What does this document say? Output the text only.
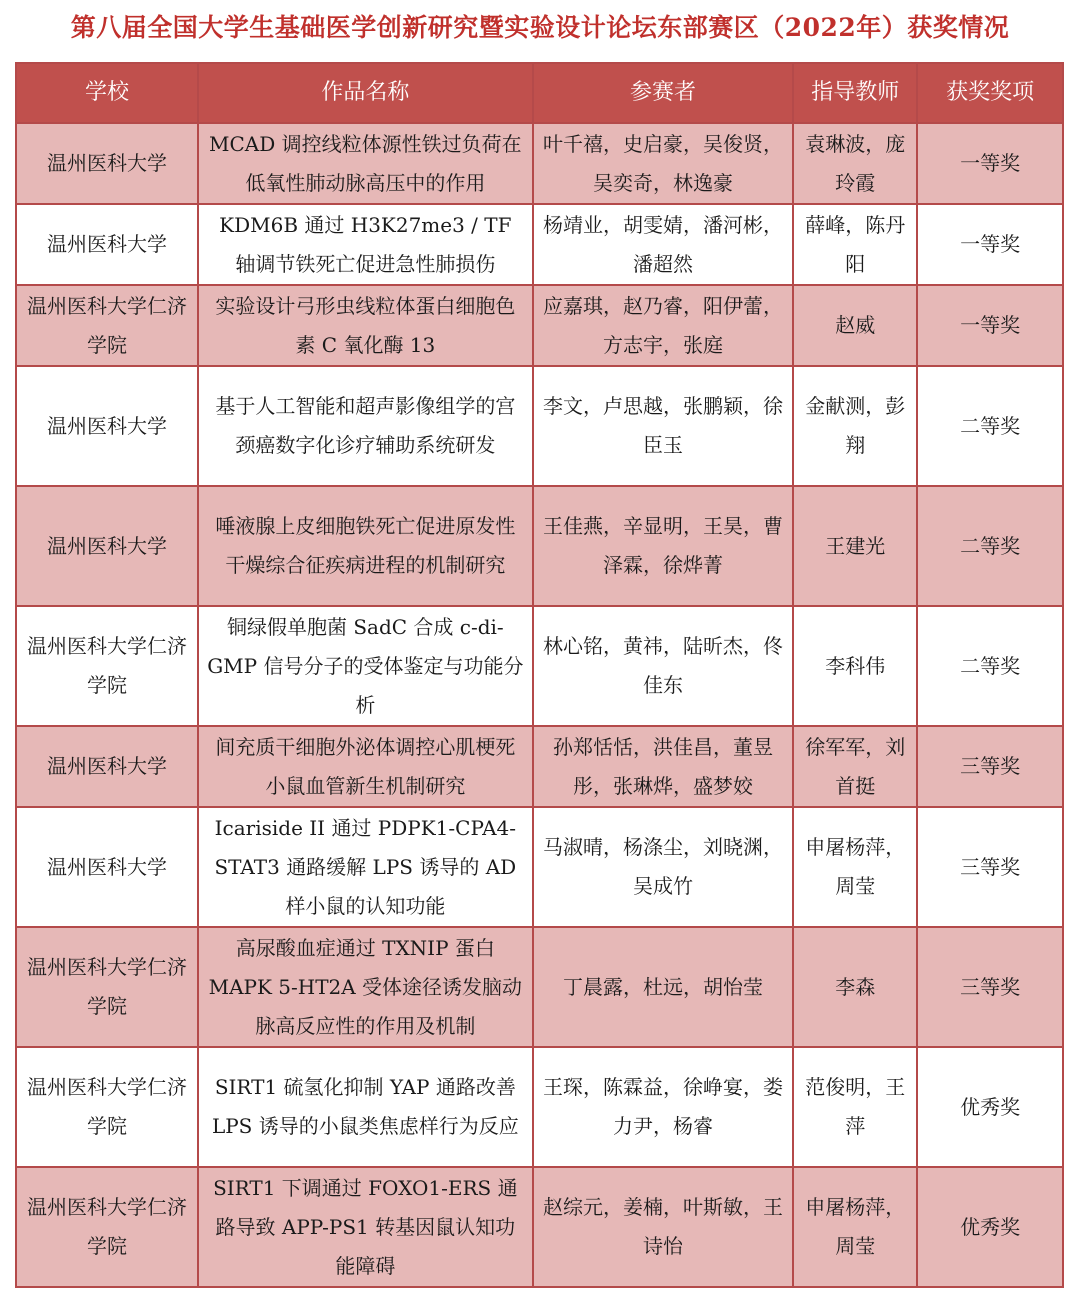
第八届全国大学生基础医学创新研究暨实验设计论坛东部赛区（2022年）获奖情况
学校	作品名称	参赛者	指导教师	获奖奖项
温州医科大学	MCAD 调控线粒体源性铁过负荷在低氧性肺动脉高压中的作用	叶千禧，史启豪，吴俊贤，吴奕奇，林逸豪	袁琳波，庞玲霞	一等奖
温州医科大学	KDM6B 通过 H3K27me3 / TF 轴调节铁死亡促进急性肺损伤	杨靖业，胡雯婧，潘河彬，潘超然	薛峰，陈丹阳	一等奖
温州医科大学仁济学院	实验设计弓形虫线粒体蛋白细胞色素 C 氧化酶 13	应嘉琪，赵乃睿，阳伊蕾，方志宇，张庭	赵威	一等奖
温州医科大学	基于人工智能和超声影像组学的宫颈癌数字化诊疗辅助系统研发	李文，卢思越，张鹏颖，徐臣玉	金献测，彭翔	二等奖
温州医科大学	唾液腺上皮细胞铁死亡促进原发性干燥综合征疾病进程的机制研究	王佳燕，辛显明，王昊，曹泽霖，徐烨菁	王建光	二等奖
温州医科大学仁济学院	铜绿假单胞菌 SadC 合成 c-di-GMP 信号分子的受体鉴定与功能分析	林心铭，黄祎，陆昕杰，佟佳东	李科伟	二等奖
温州医科大学	间充质干细胞外泌体调控心肌梗死小鼠血管新生机制研究	孙郑恬恬，洪佳昌，董昱彤，张琳烨，盛梦姣	徐军军，刘首挺	三等奖
温州医科大学	Icariside II 通过 PDPK1-CPA4-STAT3 通路缓解 LPS 诱导的 AD 样小鼠的认知功能	马淑晴，杨涤尘，刘晓渊，吴成竹	申屠杨萍，周莹	三等奖
温州医科大学仁济学院	高尿酸血症通过 TXNIP 蛋白 MAPK 5-HT2A 受体途径诱发脑动脉高反应性的作用及机制	丁晨露，杜远，胡怡莹	李森	三等奖
温州医科大学仁济学院	SIRT1 硫氢化抑制 YAP 通路改善 LPS 诱导的小鼠类焦虑样行为反应	王琛，陈霖益，徐峥宴，娄力尹，杨睿	范俊明，王萍	优秀奖
温州医科大学仁济学院	SIRT1 下调通过 FOXO1-ERS 通路导致 APP-PS1 转基因鼠认知功能障碍	赵综元，姜楠，叶斯敏，王诗怡	申屠杨萍，周莹	优秀奖
